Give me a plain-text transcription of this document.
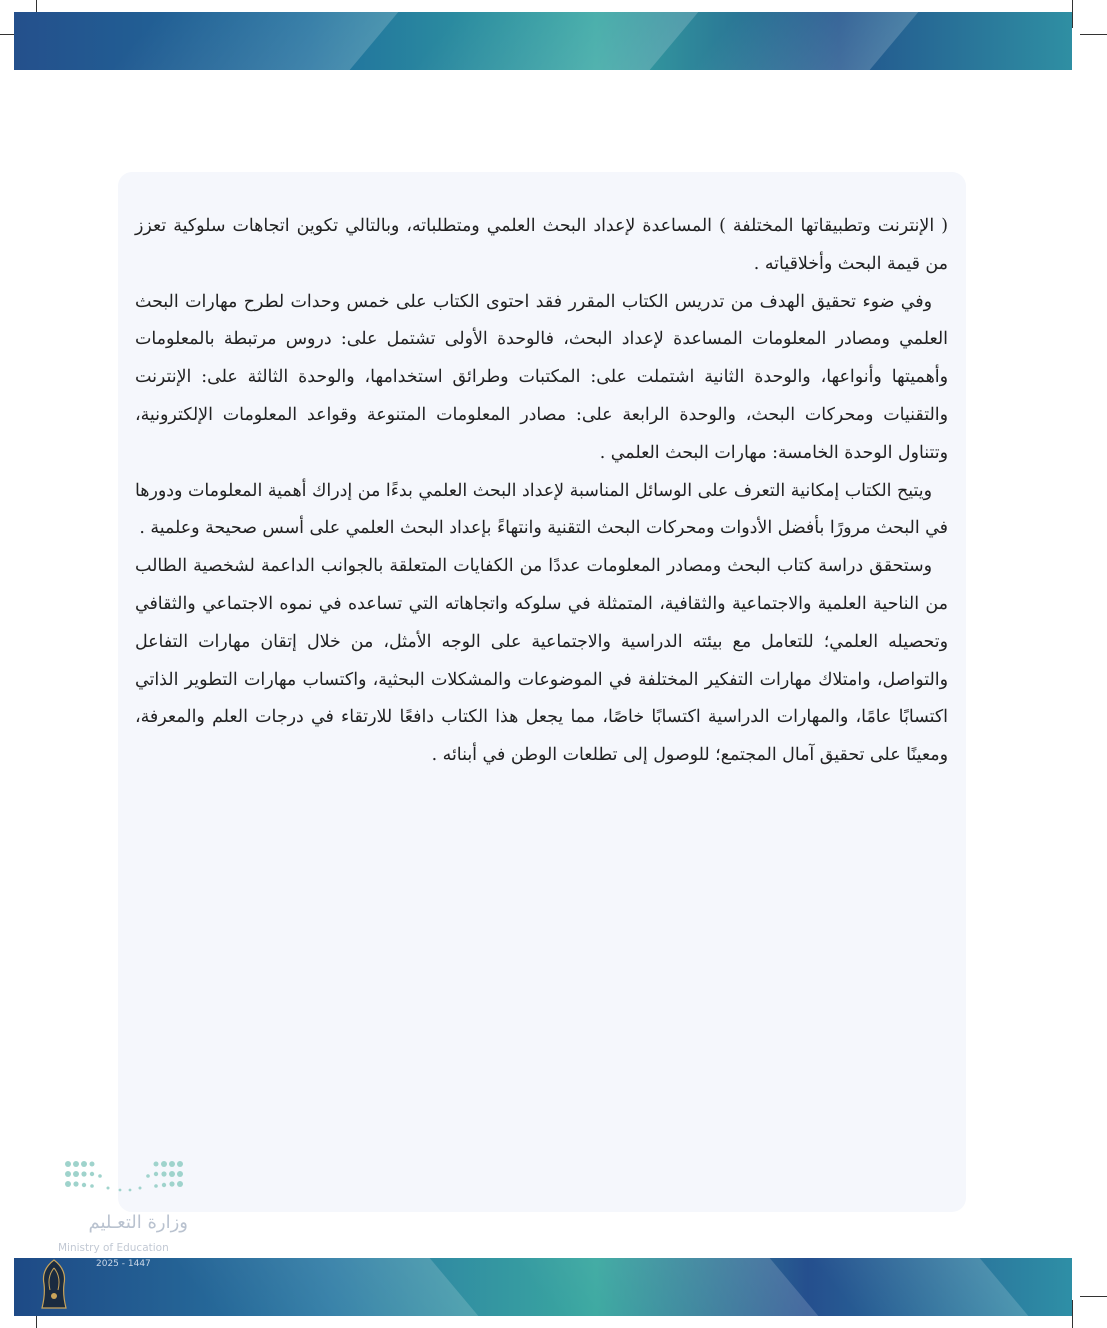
( الإنترنت وتطبيقاتها المختلفة ) المساعدة لإعداد البحث العلمي ومتطلباته، وبالتالي تكوين اتجاهات سلوكية تعزز من قيمة البحث وأخلاقياته .

وفي ضوء تحقيق الهدف من تدريس الكتاب المقرر فقد احتوى الكتاب على خمس وحدات لطرح مهارات البحث العلمي ومصادر المعلومات المساعدة لإعداد البحث، فالوحدة الأولى تشتمل على: دروس مرتبطة بالمعلومات وأهميتها وأنواعها، والوحدة الثانية اشتملت على: المكتبات وطرائق استخدامها، والوحدة الثالثة على: الإنترنت والتقنيات ومحركات البحث، والوحدة الرابعة على: مصادر المعلومات المتنوعة وقواعد المعلومات الإلكترونية، وتتناول الوحدة الخامسة: مهارات البحث العلمي .

ويتيح الكتاب إمكانية التعرف على الوسائل المناسبة لإعداد البحث العلمي بدءًا من إدراك أهمية المعلومات ودورها في البحث مرورًا بأفضل الأدوات ومحركات البحث التقنية وانتهاءً بإعداد البحث العلمي على أسس صحيحة وعلمية .

وستحقق دراسة كتاب البحث ومصادر المعلومات عددًا من الكفايات المتعلقة بالجوانب الداعمة لشخصية الطالب من الناحية العلمية والاجتماعية والثقافية، المتمثلة في سلوكه واتجاهاته التي تساعده في نموه الاجتماعي والثقافي وتحصيله العلمي؛ للتعامل مع بيئته الدراسية والاجتماعية على الوجه الأمثل، من خلال إتقان مهارات التفاعل والتواصل، وامتلاك مهارات التفكير المختلفة في الموضوعات والمشكلات البحثية، واكتساب مهارات التطوير الذاتي اكتسابًا عامًا، والمهارات الدراسية اكتسابًا خاصًا، مما يجعل هذا الكتاب دافعًا للارتقاء في درجات العلم والمعرفة، ومعينًا على تحقيق آمال المجتمع؛ للوصول إلى تطلعات الوطن في أبنائه .

وزارة التعـليم
Ministry of Education
2025 - 1447
